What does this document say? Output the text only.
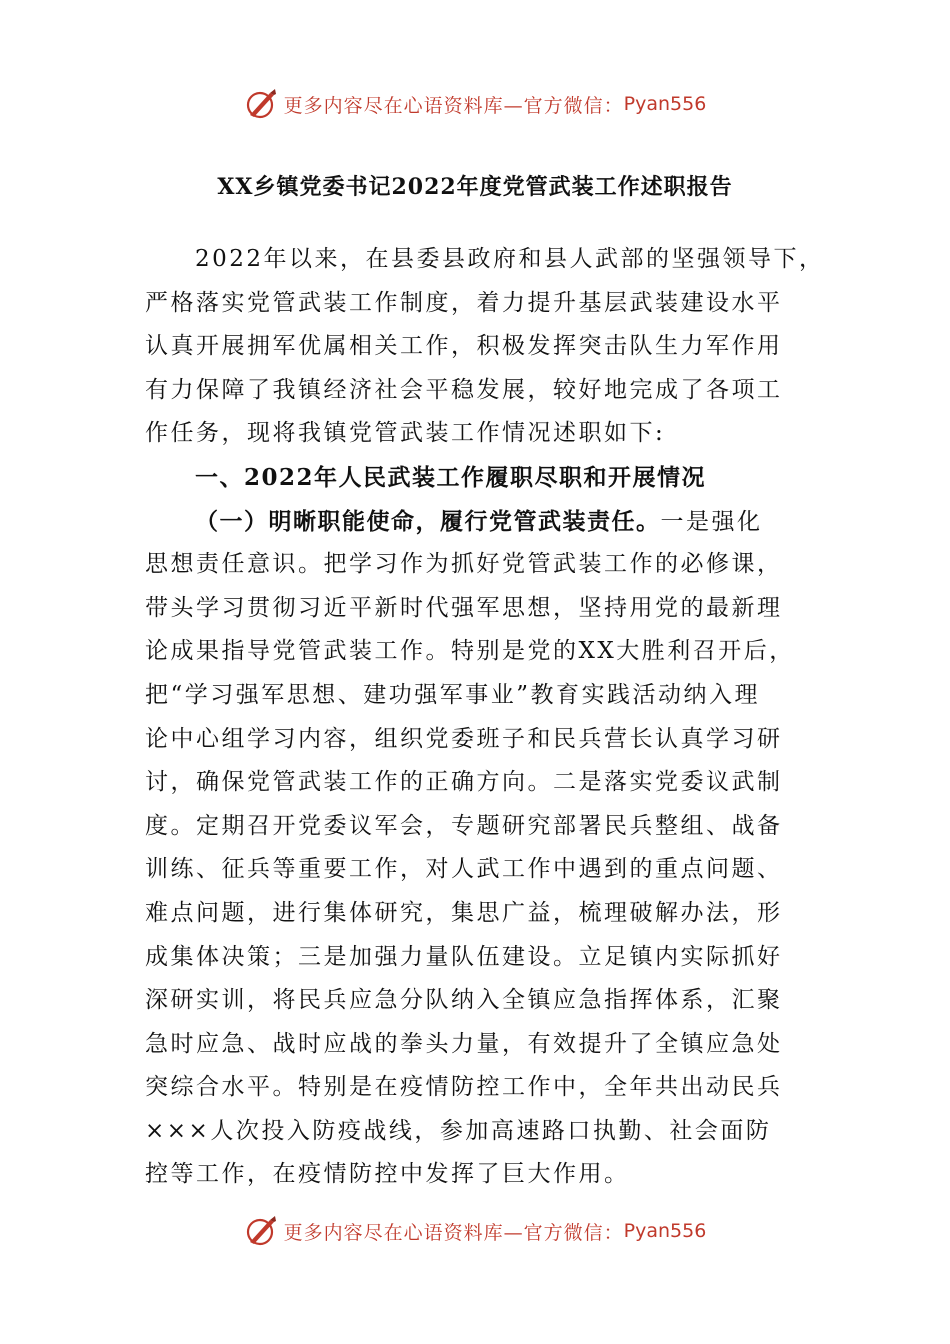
更多内容尽在心语资料库—官方微信： Pyan556
XX乡镇党委书记2022年度党管武装工作述职报告
2022年以来，在县委县政府和县人武部的坚强领导下，
严格落实党管武装工作制度，着力提升基层武装建设水平
认真开展拥军优属相关工作，积极发挥突击队生力军作用
有力保障了我镇经济社会平稳发展，较好地完成了各项工
作任务，现将我镇党管武装工作情况述职如下:
一、2022年人民武装工作履职尽职和开展情况
（一）明晰职能使命，履行党管武装责任。一是强化
思想责任意识。把学习作为抓好党管武装工作的必修课，
带头学习贯彻习近平新时代强军思想，坚持用党的最新理
论成果指导党管武装工作。特别是党的XX大胜利召开后，
把“学习强军思想、建功强军事业”教育实践活动纳入理
论中心组学习内容，组织党委班子和民兵营长认真学习研
讨，确保党管武装工作的正确方向。二是落实党委议武制
度。定期召开党委议军会，专题研究部署民兵整组、战备
训练、征兵等重要工作，对人武工作中遇到的重点问题、
难点问题，进行集体研究，集思广益，梳理破解办法，形
成集体决策；三是加强力量队伍建设。立足镇内实际抓好
深研实训，将民兵应急分队纳入全镇应急指挥体系，汇聚
急时应急、战时应战的拳头力量，有效提升了全镇应急处
突综合水平。特别是在疫情防控工作中，全年共出动民兵
×××人次投入防疫战线，参加高速路口执勤、社会面防
控等工作，在疫情防控中发挥了巨大作用。
更多内容尽在心语资料库—官方微信： Pyan556
